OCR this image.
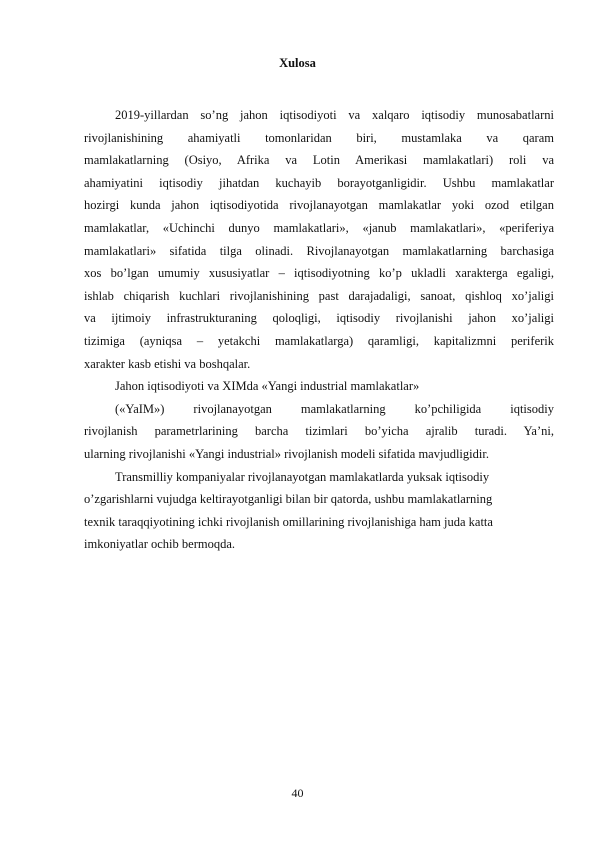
Xulosa
2019-yillardan so’ng jahon iqtisodiyoti va xalqaro iqtisodiy munosabatlarni
rivojlanishining ahamiyatli tomonlaridan biri, mustamlaka va qaram
mamlakatlarning (Osiyo, Afrika va Lotin Amerikasi mamlakatlari) roli va
ahamiyatini iqtisodiy jihatdan kuchayib borayotganligidir. Ushbu mamlakatlar
hozirgi kunda jahon iqtisodiyotida rivojlanayotgan mamlakatlar yoki ozod etilgan
mamlakatlar, «Uchinchi dunyo mamlakatlari», «janub mamlakatlari», «periferiya
mamlakatlari» sifatida tilga olinadi. Rivojlanayotgan mamlakatlarning barchasiga
xos bo’lgan umumiy xususiyatlar – iqtisodiyotning ko’p ukladli xarakterga egaligi,
ishlab chiqarish kuchlari rivojlanishining past darajadaligi, sanoat, qishloq xo’jaligi
va ijtimoiy infrastrukturaning qoloqligi, iqtisodiy rivojlanishi jahon xo’jaligi
tizimiga (ayniqsa – yetakchi mamlakatlarga) qaramligi, kapitalizmni periferik
xarakter kasb etishi va boshqalar.
Jahon iqtisodiyoti va XIMda «Yangi industrial mamlakatlar»
(«YaIM») rivojlanayotgan mamlakatlarning ko’pchiligida iqtisodiy
rivojlanish parametrlarining barcha tizimlari bo’yicha ajralib turadi. Ya’ni,
ularning rivojlanishi «Yangi industrial» rivojlanish modeli sifatida mavjudligidir.
Transmilliy kompaniyalar rivojlanayotgan mamlakatlarda yuksak iqtisodiy
o’zgarishlarni vujudga keltirayotganligi bilan bir qatorda, ushbu mamlakatlarning
texnik taraqqiyotining ichki rivojlanish omillarining rivojlanishiga ham juda katta
imkoniyatlar ochib bermoqda.
40
